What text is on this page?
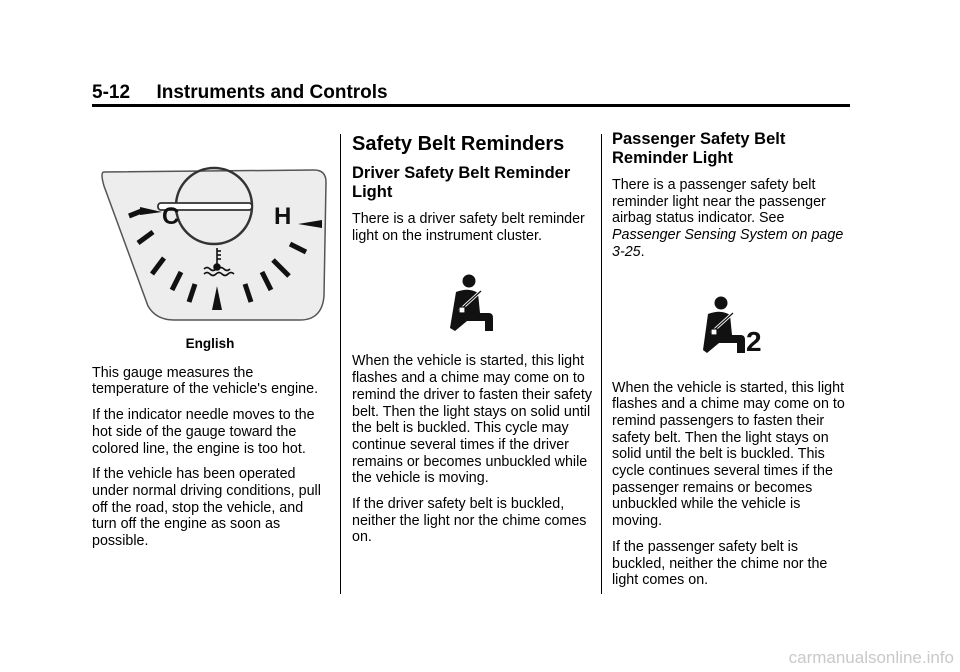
5-12 Instruments and Controls
C	H
English

This gauge measures the temperature of the vehicle's engine.

If the indicator needle moves to the hot side of the gauge toward the colored line, the engine is too hot.

If the vehicle has been operated under normal driving conditions, pull off the road, stop the vehicle, and turn off the engine as soon as possible.

Safety Belt Reminders
Driver Safety Belt Reminder Light

There is a driver safety belt reminder light on the instrument cluster.

When the vehicle is started, this light flashes and a chime may come on to remind the driver to fasten their safety belt. Then the light stays on solid until the belt is buckled. This cycle may continue several times if the driver remains or becomes unbuckled while the vehicle is moving.

If the driver safety belt is buckled, neither the light nor the chime comes on.

Passenger Safety Belt Reminder Light

There is a passenger safety belt reminder light near the passenger airbag status indicator. See Passenger Sensing System on page 3-25.

2

When the vehicle is started, this light flashes and a chime may come on to remind passengers to fasten their safety belt. Then the light stays on solid until the belt is buckled. This cycle continues several times if the passenger remains or becomes unbuckled while the vehicle is moving.

If the passenger safety belt is buckled, neither the chime nor the light comes on.

carmanualsonline.info
